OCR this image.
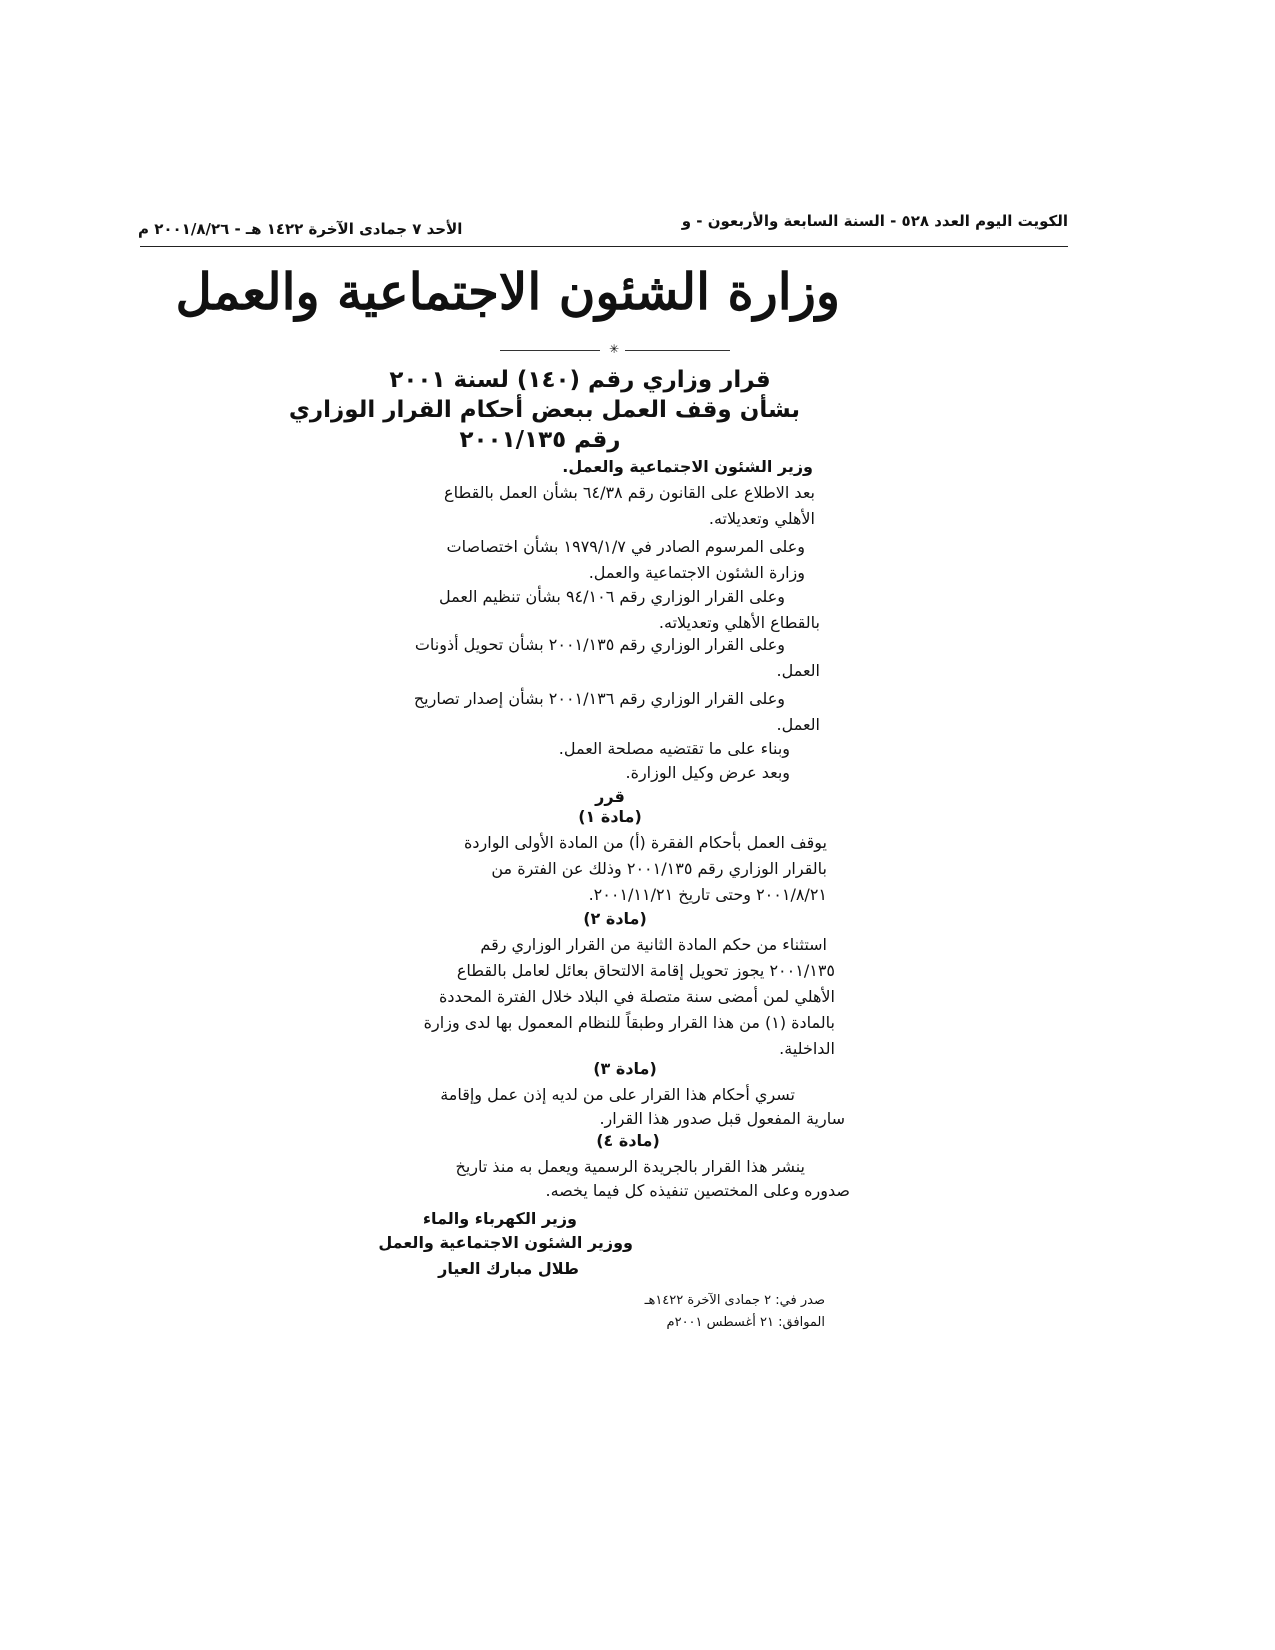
الكويت اليوم العدد ٥٢٨ - السنة السابعة والأربعون - و
الأحد ٧ جمادى الآخرة ١٤٢٢ هـ - ٢٠٠١/٨/٢٦ م
وزارة الشئون الاجتماعية والعمل
✳
قرار وزاري رقم (١٤٠) لسنة ٢٠٠١
بشأن وقف العمل ببعض أحكام القرار الوزاري
رقم ٢٠٠١/١٣٥
وزير الشئون الاجتماعية والعمل.
بعد الاطلاع على القانون رقم ٦٤/٣٨ بشأن العمل بالقطاع
الأهلي وتعديلاته.
وعلى المرسوم الصادر في ١٩٧٩/١/٧ بشأن اختصاصات
وزارة الشئون الاجتماعية والعمل.
وعلى القرار الوزاري رقم ٩٤/١٠٦ بشأن تنظيم العمل
بالقطاع الأهلي وتعديلاته.
وعلى القرار الوزاري رقم ٢٠٠١/١٣٥ بشأن تحويل أذونات
العمل.
وعلى القرار الوزاري رقم ٢٠٠١/١٣٦ بشأن إصدار تصاريح
العمل.
وبناء على ما تقتضيه مصلحة العمل.
وبعد عرض وكيل الوزارة.
قرر
(مادة ١)
يوقف العمل بأحكام الفقرة (أ) من المادة الأولى الواردة
بالقرار الوزاري رقم ٢٠٠١/١٣٥ وذلك عن الفترة من
٢٠٠١/٨/٢١ وحتى تاريخ ٢٠٠١/١١/٢١.
(مادة ٢)
استثناء من حكم المادة الثانية من القرار الوزاري رقم
٢٠٠١/١٣٥ يجوز تحويل إقامة الالتحاق بعائل لعامل بالقطاع
الأهلي لمن أمضى سنة متصلة في البلاد خلال الفترة المحددة
بالمادة (١) من هذا القرار وطبقاً للنظام المعمول بها لدى وزارة
الداخلية.
(مادة ٣)
تسري أحكام هذا القرار على من لديه إذن عمل وإقامة
سارية المفعول قبل صدور هذا القرار.
(مادة ٤)
ينشر هذا القرار بالجريدة الرسمية ويعمل به منذ تاريخ
صدوره وعلى المختصين تنفيذه كل فيما يخصه.
وزير الكهرباء والماء
ووزير الشئون الاجتماعية والعمل
طلال مبارك العيار
صدر في: ٢ جمادى الآخرة ١٤٢٢هـ
الموافق: ٢١ أغسطس ٢٠٠١م
